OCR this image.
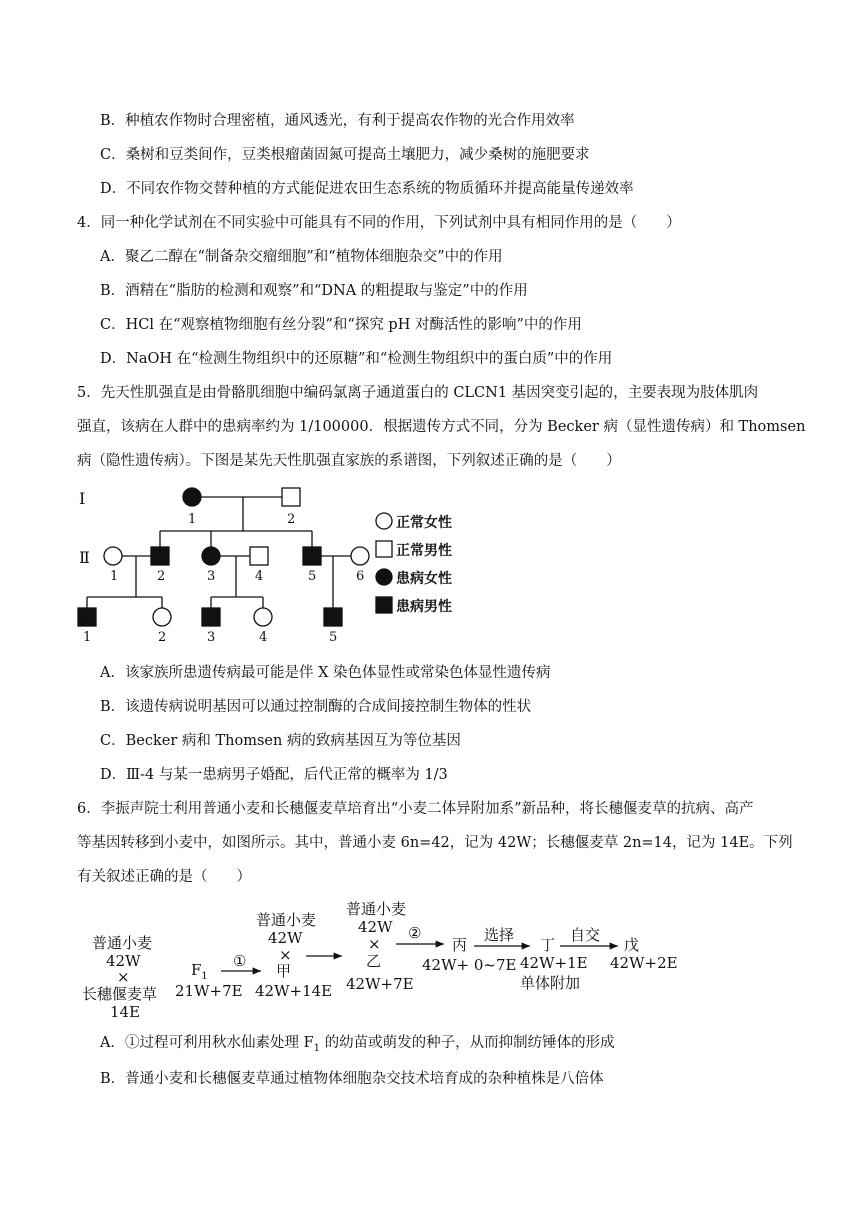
B．种植农作物时合理密植，通风透光，有利于提高农作物的光合作用效率
C．桑树和豆类间作，豆类根瘤菌固氮可提高土壤肥力，减少桑树的施肥要求
D．不同农作物交替种植的方式能促进农田生态系统的物质循环并提高能量传递效率
4．同一种化学试剂在不同实验中可能具有不同的作用，下列试剂中具有相同作用的是（　　）
A．聚乙二醇在“制备杂交瘤细胞”和“植物体细胞杂交”中的作用
B．酒精在“脂肪的检测和观察”和“DNA 的粗提取与鉴定”中的作用
C．HCl 在“观察植物细胞有丝分裂”和“探究 pH 对酶活性的影响”中的作用
D．NaOH 在“检测生物组织中的还原糖”和“检测生物组织中的蛋白质”中的作用
5．先天性肌强直是由骨骼肌细胞中编码氯离子通道蛋白的 CLCN1 基因突变引起的，主要表现为肢体肌肉
强直，该病在人群中的患病率约为 1/100000．根据遗传方式不同，分为 Becker 病（显性遗传病）和 Thomsen
病（隐性遗传病）。下图是某先天性肌强直家族的系谱图，下列叙述正确的是（　　）
Ⅰ
Ⅱ
Ⅲ
1	2
1	2	3	4	5	6
1	2	3	4	5
正常女性
正常男性
患病女性
患病男性
A．该家族所患遗传病最可能是伴 X 染色体显性或常染色体显性遗传病
B．该遗传病说明基因可以通过控制酶的合成间接控制生物体的性状
C．Becker 病和 Thomsen 病的致病基因互为等位基因
D．Ⅲ-4 与某一患病男子婚配，后代正常的概率为 1/3
6．李振声院士利用普通小麦和长穗偃麦草培育出“小麦二体异附加系”新品种，将长穗偃麦草的抗病、高产
等基因转移到小麦中，如图所示。其中，普通小麦 6n=42，记为 42W；长穗偃麦草 2n=14，记为 14E。下列
有关叙述正确的是（　　）
普通小麦
42W
×
长穗偃麦草
14E
$F_1$
21W+7E
①
普通小麦
42W
×
甲
42W+14E
普通小麦
42W
×
乙
42W+7E
②
丙
42W+ 0~7E
选择
丁
42W+1E
单体附加
自交
戊
42W+2E
A．①过程可利用秋水仙素处理 $F_1$ 的幼苗或萌发的种子，从而抑制纺锤体的形成
B．普通小麦和长穗偃麦草通过植物体细胞杂交技术培育成的杂种植株是八倍体
